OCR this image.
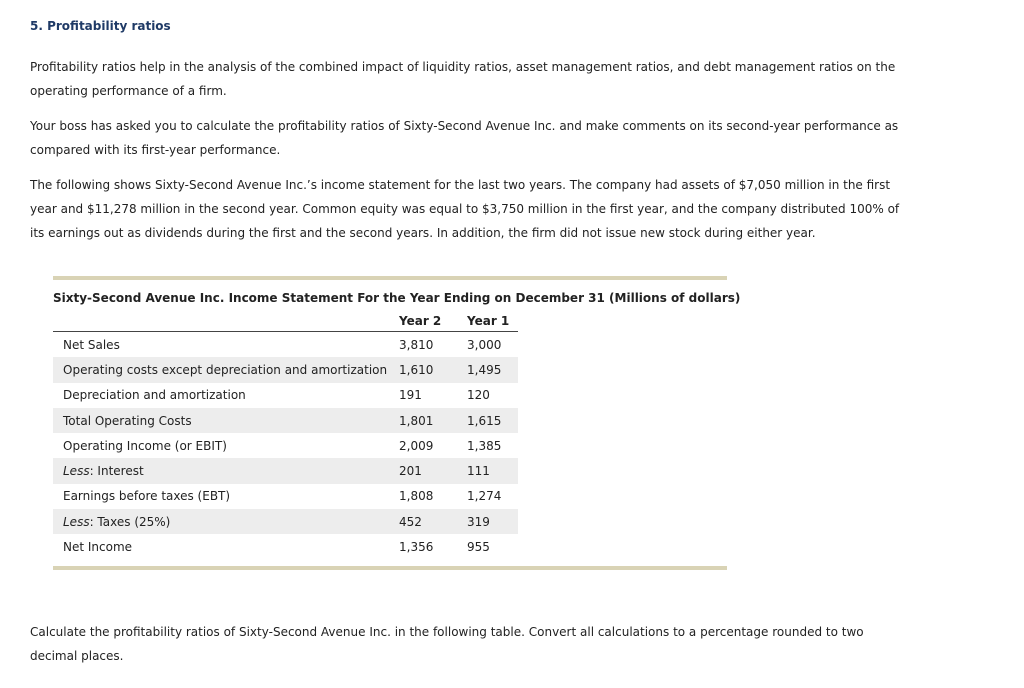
5. Profitability ratios

Profitability ratios help in the analysis of the combined impact of liquidity ratios, asset management ratios, and debt management ratios on the operating performance of a firm.

Your boss has asked you to calculate the profitability ratios of Sixty-Second Avenue Inc. and make comments on its second-year performance as compared with its first-year performance.

The following shows Sixty-Second Avenue Inc.’s income statement for the last two years. The company had assets of $7,050 million in the first year and $11,278 million in the second year. Common equity was equal to $3,750 million in the first year, and the company distributed 100% of its earnings out as dividends during the first and the second years. In addition, the firm did not issue new stock during either year.

Sixty-Second Avenue Inc. Income Statement For the Year Ending on December 31 (Millions of dollars)
	Year 2	Year 1
Net Sales	3,810	3,000
Operating costs except depreciation and amortization	1,610	1,495
Depreciation and amortization	191	120
Total Operating Costs	1,801	1,615
Operating Income (or EBIT)	2,009	1,385
Less: Interest	201	111
Earnings before taxes (EBT)	1,808	1,274
Less: Taxes (25%)	452	319
Net Income	1,356	955

Calculate the profitability ratios of Sixty-Second Avenue Inc. in the following table. Convert all calculations to a percentage rounded to two decimal places.
